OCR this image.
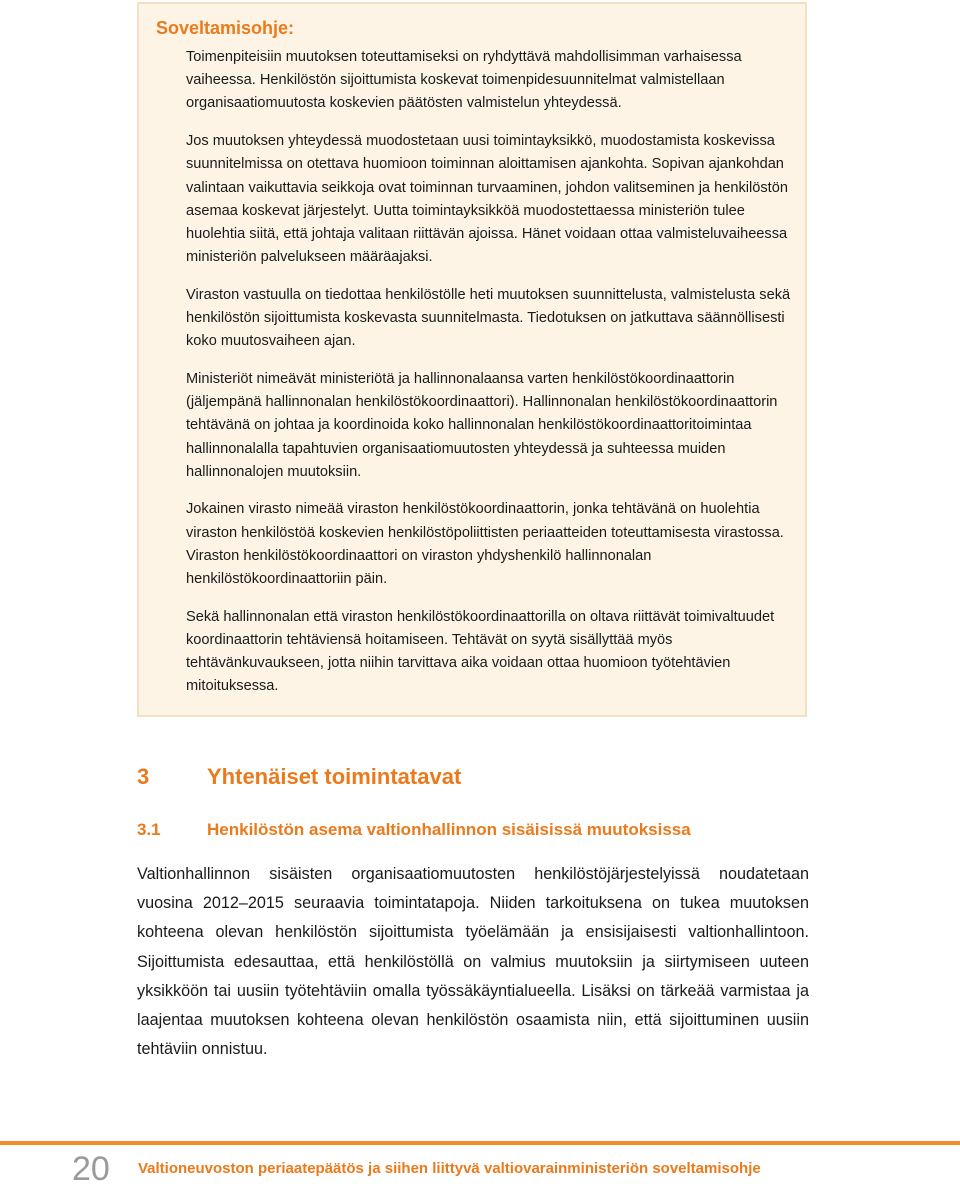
Soveltamisohje:

Toimenpiteisiin muutoksen toteuttamiseksi on ryhdyttävä mahdollisimman varhaisessa vaiheessa. Henkilöstön sijoittumista koskevat toimenpidesuunnitelmat valmistellaan organisaatiomuutosta koskevien päätösten valmistelun yhteydessä.

Jos muutoksen yhteydessä muodostetaan uusi toimintayksikkö, muodostamista koskevissa suunnitelmissa on otettava huomioon toiminnan aloittamisen ajankohta. Sopivan ajankohdan valintaan vaikuttavia seikkoja ovat toiminnan turvaaminen, johdon valitseminen ja henkilöstön asemaa koskevat järjestelyt. Uutta toimintayksikköä muodostettaessa ministeriön tulee huolehtia siitä, että johtaja valitaan riittävän ajoissa. Hänet voidaan ottaa valmisteluvaiheessa ministeriön palvelukseen määräajaksi.

Viraston vastuulla on tiedottaa henkilöstölle heti muutoksen suunnittelusta, valmistelusta sekä henkilöstön sijoittumista koskevasta suunnitelmasta. Tiedotuksen on jatkuttava säännöllisesti koko muutosvaiheen ajan.

Ministeriöt nimeävät ministeriötä ja hallinnonalaansa varten henkilöstökoordinaattorin (jäljempänä hallinnonalan henkilöstökoordinaattori). Hallinnonalan henkilöstökoordinaattorin tehtävänä on johtaa ja koordinoida koko hallinnonalan henkilöstökoordinaattoritoimintaa hallinnonalalla tapahtuvien organisaatiomuutosten yhteydessä ja suhteessa muiden hallinnonalojen muutoksiin.

Jokainen virasto nimeää viraston henkilöstökoordinaattorin, jonka tehtävänä on huolehtia viraston henkilöstöä koskevien henkilöstöpoliittisten periaatteiden toteuttamisesta virastossa. Viraston henkilöstökoordinaattori on viraston yhdyshenkilö hallinnonalan henkilöstökoordinaattoriin päin.

Sekä hallinnonalan että viraston henkilöstökoordinaattorilla on oltava riittävät toimivaltuudet koordinaattorin tehtäviensä hoitamiseen. Tehtävät on syytä sisällyttää myös tehtävänkuvaukseen, jotta niihin tarvittava aika voidaan ottaa huomioon työtehtävien mitoituksessa.

3	Yhtenäiset toimintatavat
3.1	Henkilöstön asema valtionhallinnon sisäisissä muutoksissa

Valtionhallinnon sisäisten organisaatiomuutosten henkilöstöjärjestelyissä noudatetaan vuosina 2012–2015 seuraavia toimintatapoja. Niiden tarkoituksena on tukea muutoksen kohteena olevan henkilöstön sijoittumista työelämään ja ensisijaisesti valtionhallintoon. Sijoittumista edesauttaa, että henkilöstöllä on valmius muutoksiin ja siirtymiseen uuteen yksikköön tai uusiin työtehtäviin omalla työssäkäyntialueella. Lisäksi on tärkeää varmistaa ja laajentaa muutoksen kohteena olevan henkilöstön osaamista niin, että sijoittuminen uusiin tehtäviin onnistuu.

20 Valtioneuvoston periaatepäätös ja siihen liittyvä valtiovarainministeriön soveltamisohje
